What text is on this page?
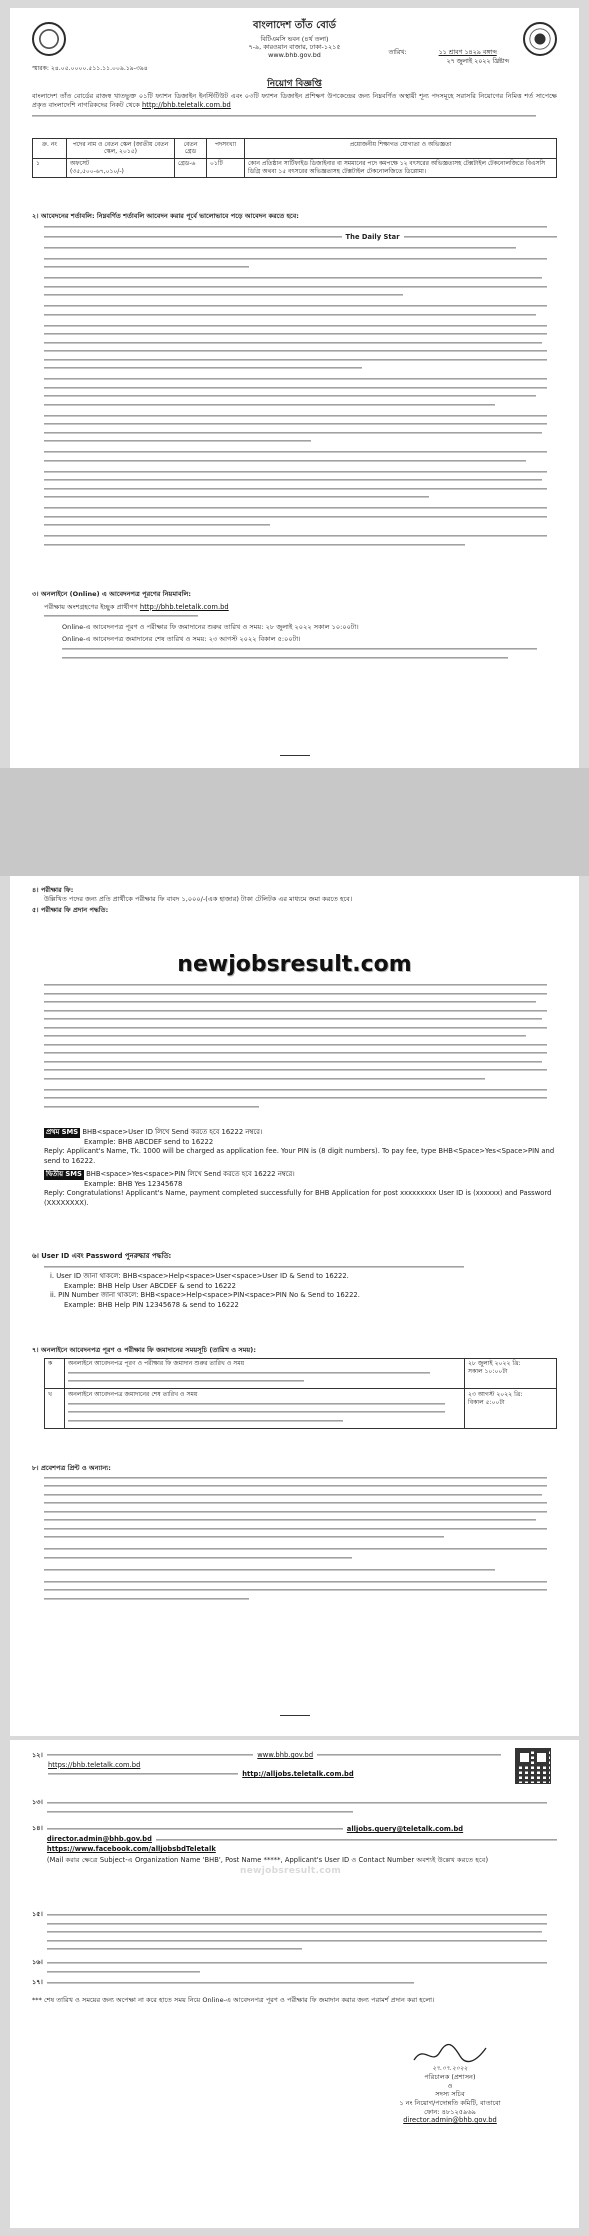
বাংলাদেশ তাঁত বোর্ড
বিটিএমসি ভবন (৪র্থ তলা)
৭-৯, কারওয়ান বাজার, ঢাকা-১২১৫
www.bhb.gov.bd
স্মারক: ২৪.০৫.০০০০.৫১১.১১.০০৯.১৯-৩৯৪
তারিখ:	১১ শ্রাবণ ১৪২৯ বঙ্গাব্দ
২৭ জুলাই ২০২২ খ্রিষ্টাব্দ
নিয়োগ বিজ্ঞপ্তি
বাংলাদেশ তাঁত বোর্ডের রাজস্ব খাতভুক্ত ০১টি ফ্যাশন ডিজাইন ইনস্টিটিউট এবং ০৩টি ফ্যাশন ডিজাইন প্রশিক্ষণ উপকেন্দ্রের জন্য নিম্নবর্ণিত অস্থায়ী শূন্য পদসমূহে সরাসরি নিয়োগের নিমিত্ত শর্ত সাপেক্ষে প্রকৃত বাংলাদেশি নাগরিকদের নিকট থেকে http://bhb.teletalk.com.bd
ক্র. নং	পদের নাম ও বেতন স্কেল (জাতীয় বেতন স্কেল, ২০১৫)	বেতন গ্রেড	পদসংখ্যা	প্রয়োজনীয় শিক্ষাগত যোগ্যতা ও অভিজ্ঞতা
১	অফসেট
(৩৫,৫০০-৬৭,০১০/-)	গ্রেড-৬	০১টি	কোন প্রতিষ্ঠান সার্টিফাইড ডিজাইনার বা সমমানের পদে কমপক্ষে ১২ বৎসরের অভিজ্ঞতাসহ টেক্সটাইল টেকনোলজিতে বিএসসি ডিগ্রি অথবা ১৫ বৎসরের অভিজ্ঞতাসহ টেক্সটাইল টেকনোলজিতে ডিপ্লোমা।
২। আবেদনের শর্তাবলি: নিম্নবর্ণিত শর্তাবলি আবেদন করার পূর্বে ভালোভাবে পড়ে আবেদন করতে হবে:
The Daily Star
৩। অনলাইনে (Online) এ আবেদনপত্র পূরণের নিয়মাবলি:
পরীক্ষায় অংশগ্রহণের ইচ্ছুক প্রার্থীগণ http://bhb.teletalk.com.bd
Online-এ আবেদনপত্র পূরণ ও পরীক্ষার ফি জমাদানের শুরুর তারিখ ও সময়: ২৮ জুলাই ২০২২ সকাল ১০:০০টা।
Online-এ আবেদনপত্র জমাদানের শেষ তারিখ ও সময়: ২৩ আগস্ট ২০২২ বিকাল ৫:০০টা।
৪। পরীক্ষার ফি:
উল্লিখিত পদের জন্য প্রতি প্রার্থীকে পরীক্ষার ফি বাবদ ১,০০০/-(এক হাজার) টাকা টেলিটক এর মাধ্যমে জমা করতে হবে।
৫। পরীক্ষার ফি প্রদান পদ্ধতি:
newjobsresult.com
প্রথম SMS BHB<space>User ID লিখে Send করতে হবে 16222 নম্বরে।
Example: BHB ABCDEF send to 16222
Reply: Applicant's Name, Tk. 1000 will be charged as application fee. Your PIN is (8 digit numbers). To pay fee, type BHB<Space>Yes<Space>PIN and send to 16222.
দ্বিতীয় SMS BHB<space>Yes<space>PIN লিখে Send করতে হবে 16222 নম্বরে।
Example: BHB Yes 12345678
Reply: Congratulations! Applicant's Name, payment completed successfully for BHB Application for post xxxxxxxxx User ID is (xxxxxx) and Password (XXXXXXXX).
৬। User ID এবং Password পুনরুদ্ধার পদ্ধতি:
i. User ID জানা থাকলে: BHB<space>Help<space>User<space>User ID & Send to 16222.
Example: BHB Help User ABCDEF & send to 16222
ii. PIN Number জানা থাকলে: BHB<space>Help<space>PIN<space>PIN No & Send to 16222.
Example: BHB Help PIN 12345678 & send to 16222
৭। অনলাইনে আবেদনপত্র পূরণ ও পরীক্ষার ফি জমাদানের সময়সূচি (তারিখ ও সময়):
ক	অনলাইনে আবেদনপত্র পূরণ ও পরীক্ষার ফি জমাদান শুরুর তারিখ ও সময়	২৮ জুলাই ২০২২ খ্রি:
সকাল ১০:০০টা
খ	অনলাইনে আবেদনপত্র জমাদানের শেষ তারিখ ও সময়	২৩ আগস্ট ২০২২ খ্রি:
বিকাল ৫:০০টা
৮। প্রবেশপত্র প্রিন্ট ও অন্যান্য:
১২।	www.bhb.gov.bd
https://bhb.teletalk.com.bd
http://alljobs.teletalk.com.bd
১৩।
১৪।	alljobs.query@teletalk.com.bd
director.admin@bhb.gov.bd
https://www.facebook.com/alljobsbdTeletalk
(Mail করার ক্ষেত্রে Subject-এ Organization Name 'BHB', Post Name *****, Applicant's User ID ও Contact Number অবশ্যই উল্লেখ করতে হবে)
newjobsresult.com
১৫।
১৬।
১৭।
*** শেষ তারিখ ও সময়ের জন্য অপেক্ষা না করে হাতে সময় নিয়ে Online-এ আবেদনপত্র পূরণ ও পরীক্ষার ফি জমাদান করার জন্য পরামর্শ প্রদান করা হলো।
২৭.০৭.২০২২
পরিচালক (প্রশাসন)
ও
সদস্য সচিব
১ নং নিয়োগ/পদোন্নতি কমিটি, বাতাবো
ফোন: ৪৮১২৫৯৬৯
director.admin@bhb.gov.bd
